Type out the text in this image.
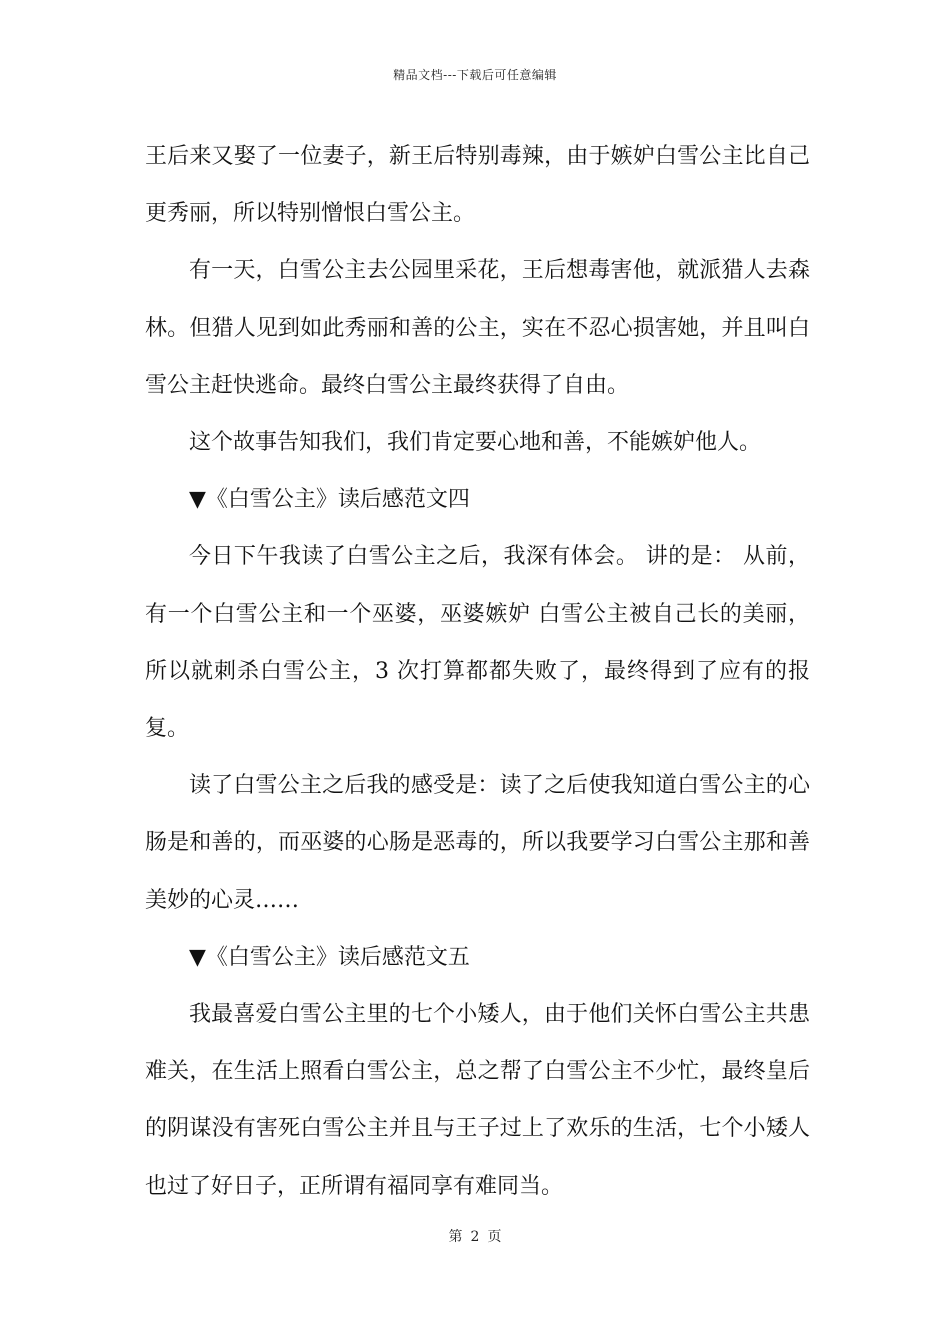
精品文档---下载后可任意编辑

王后来又娶了一位妻子，新王后特别毒辣，由于嫉妒白雪公主比自己更秀丽，所以特别憎恨白雪公主。

有一天，白雪公主去公园里采花，王后想毒害他，就派猎人去森林。但猎人见到如此秀丽和善的公主，实在不忍心损害她，并且叫白雪公主赶快逃命。最终白雪公主最终获得了自由。

这个故事告知我们，我们肯定要心地和善，不能嫉妒他人。

▼《白雪公主》读后感范文四

今日下午我读了白雪公主之后，我深有体会。 讲的是： 从前，有一个白雪公主和一个巫婆，巫婆嫉妒 白雪公主被自己长的美丽，所以就刺杀白雪公主，3 次打算都都失败了，最终得到了应有的报复。

读了白雪公主之后我的感受是：读了之后使我知道白雪公主的心肠是和善的，而巫婆的心肠是恶毒的，所以我要学习白雪公主那和善美妙的心灵……

▼《白雪公主》读后感范文五

我最喜爱白雪公主里的七个小矮人，由于他们关怀白雪公主共患难关，在生活上照看白雪公主，总之帮了白雪公主不少忙，最终皇后的阴谋没有害死白雪公主并且与王子过上了欢乐的生活，七个小矮人也过了好日子，正所谓有福同享有难同当。

第 2 页
